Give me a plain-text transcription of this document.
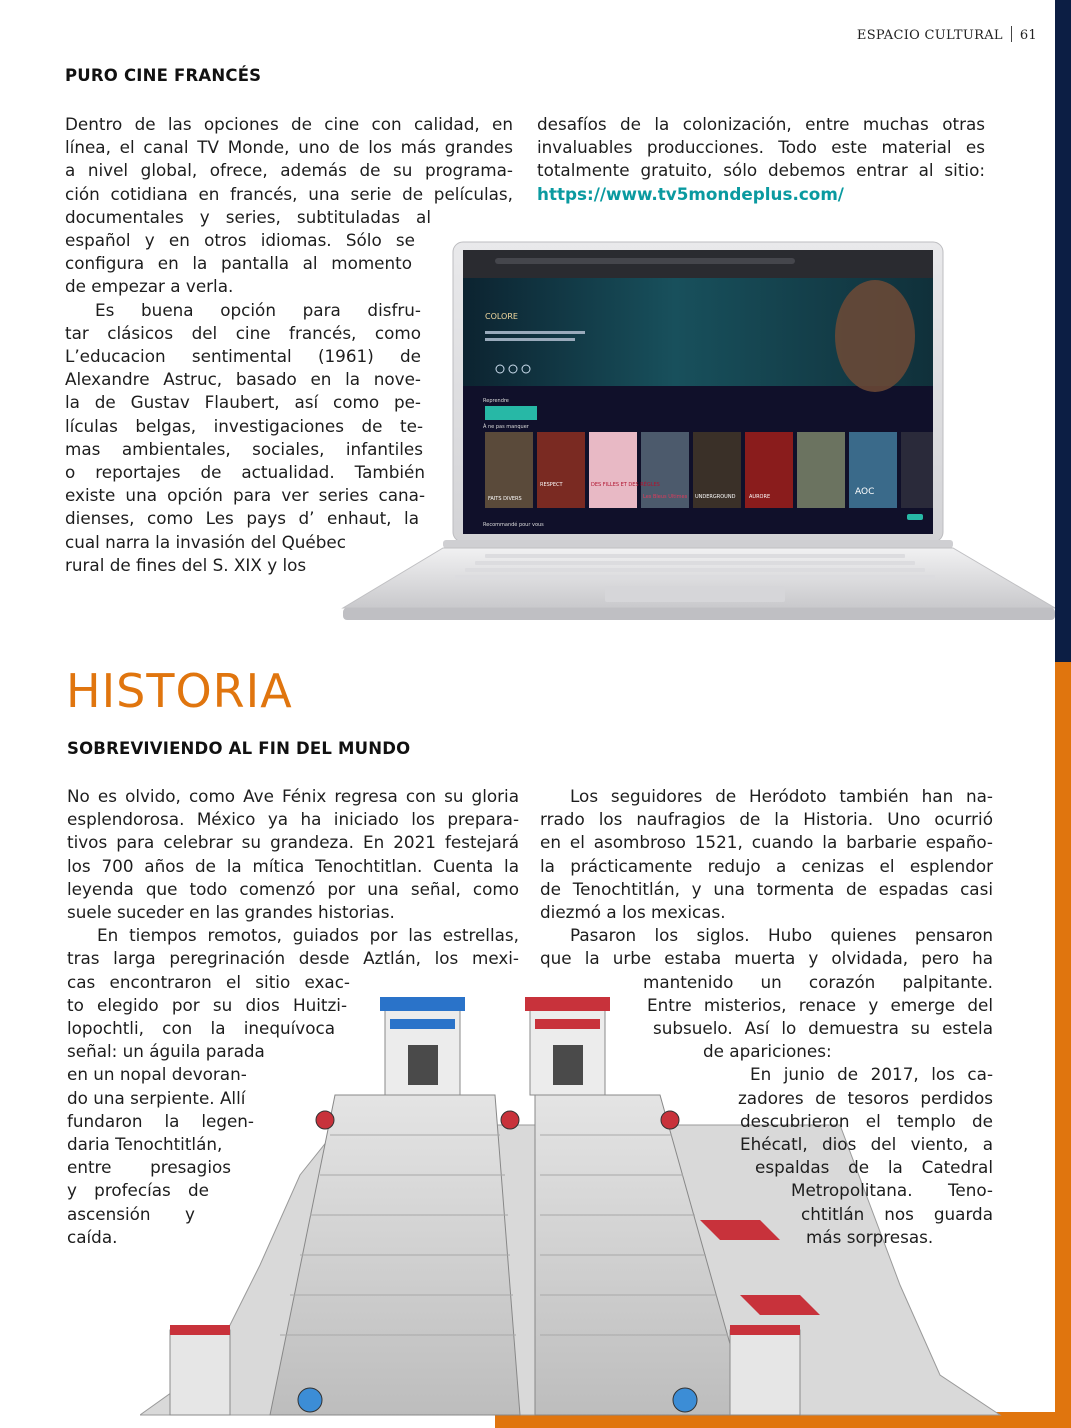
ESPACIO CULTURAL 61
PURO CINE FRANCÉS
Dentro de las opciones de cine con calidad, en
línea, el canal TV Monde, uno de los más grandes
a nivel global, ofrece, además de su programa-
ción cotidiana en francés, una serie de películas,
documentales y series, subtituladas al
español y en otros idiomas. Sólo se
configura en la pantalla al momento
de empezar a verla.
Es buena opción para disfru-
tar clásicos del cine francés, como
L’educacion sentimental (1961) de
Alexandre Astruc, basado en la nove-
la de Gustav Flaubert, así como pe-
lículas belgas, investigaciones de te-
mas ambientales, sociales, infantiles
o reportajes de actualidad. También
existe una opción para ver series cana-
dienses, como Les pays d’ enhaut, la
cual narra la invasión del Québec
rural de fines del S. XIX y los
desafíos de la colonización, entre muchas otras
invaluables producciones. Todo este material es
totalmente gratuito, sólo debemos entrar al sitio:
https://www.tv5mondeplus.com/
COLORE
Reprendre
À ne pas manquer
FAITS DIVERS
RESPECT	DES FILLES ET DES RÈGLES
Les Bleus Ultimes UNDERGROUND	AURORE	AOC
Recommandé pour vous
HISTORIA
SOBREVIVIENDO AL FIN DEL MUNDO
No es olvido, como Ave Fénix regresa con su gloria
esplendorosa. México ya ha iniciado los prepara-
tivos para celebrar su grandeza. En 2021 festejará
los 700 años de la mítica Tenochtitlan. Cuenta la
leyenda que todo comenzó por una señal, como
suele suceder en las grandes historias.
En tiempos remotos, guiados por las estrellas,
tras larga peregrinación desde Aztlán, los mexi-
cas encontraron el sitio exac-
to elegido por su dios Huitzi-
lopochtli, con la inequívoca
señal: un águila parada
en un nopal devoran-
do una serpiente. Allí
fundaron la legen-
daria Tenochtitlán,
entre presagios
y profecías de
ascensión y
caída.
Los seguidores de Heródoto también han na-
rrado los naufragios de la Historia. Uno ocurrió
en el asombroso 1521, cuando la barbarie españo-
la prácticamente redujo a cenizas el esplendor
de Tenochtitlán, y una tormenta de espadas casi
diezmó a los mexicas.
Pasaron los siglos. Hubo quienes pensaron
que la urbe estaba muerta y olvidada, pero ha
mantenido un corazón palpitante.
Entre misterios, renace y emerge del
subsuelo. Así lo demuestra su estela
de apariciones:
En junio de 2017, los ca-
zadores de tesoros perdidos
descubrieron el templo de
Ehécatl, dios del viento, a
espaldas de la Catedral
Metropolitana. Teno-
chtitlán nos guarda
más sorpresas.
